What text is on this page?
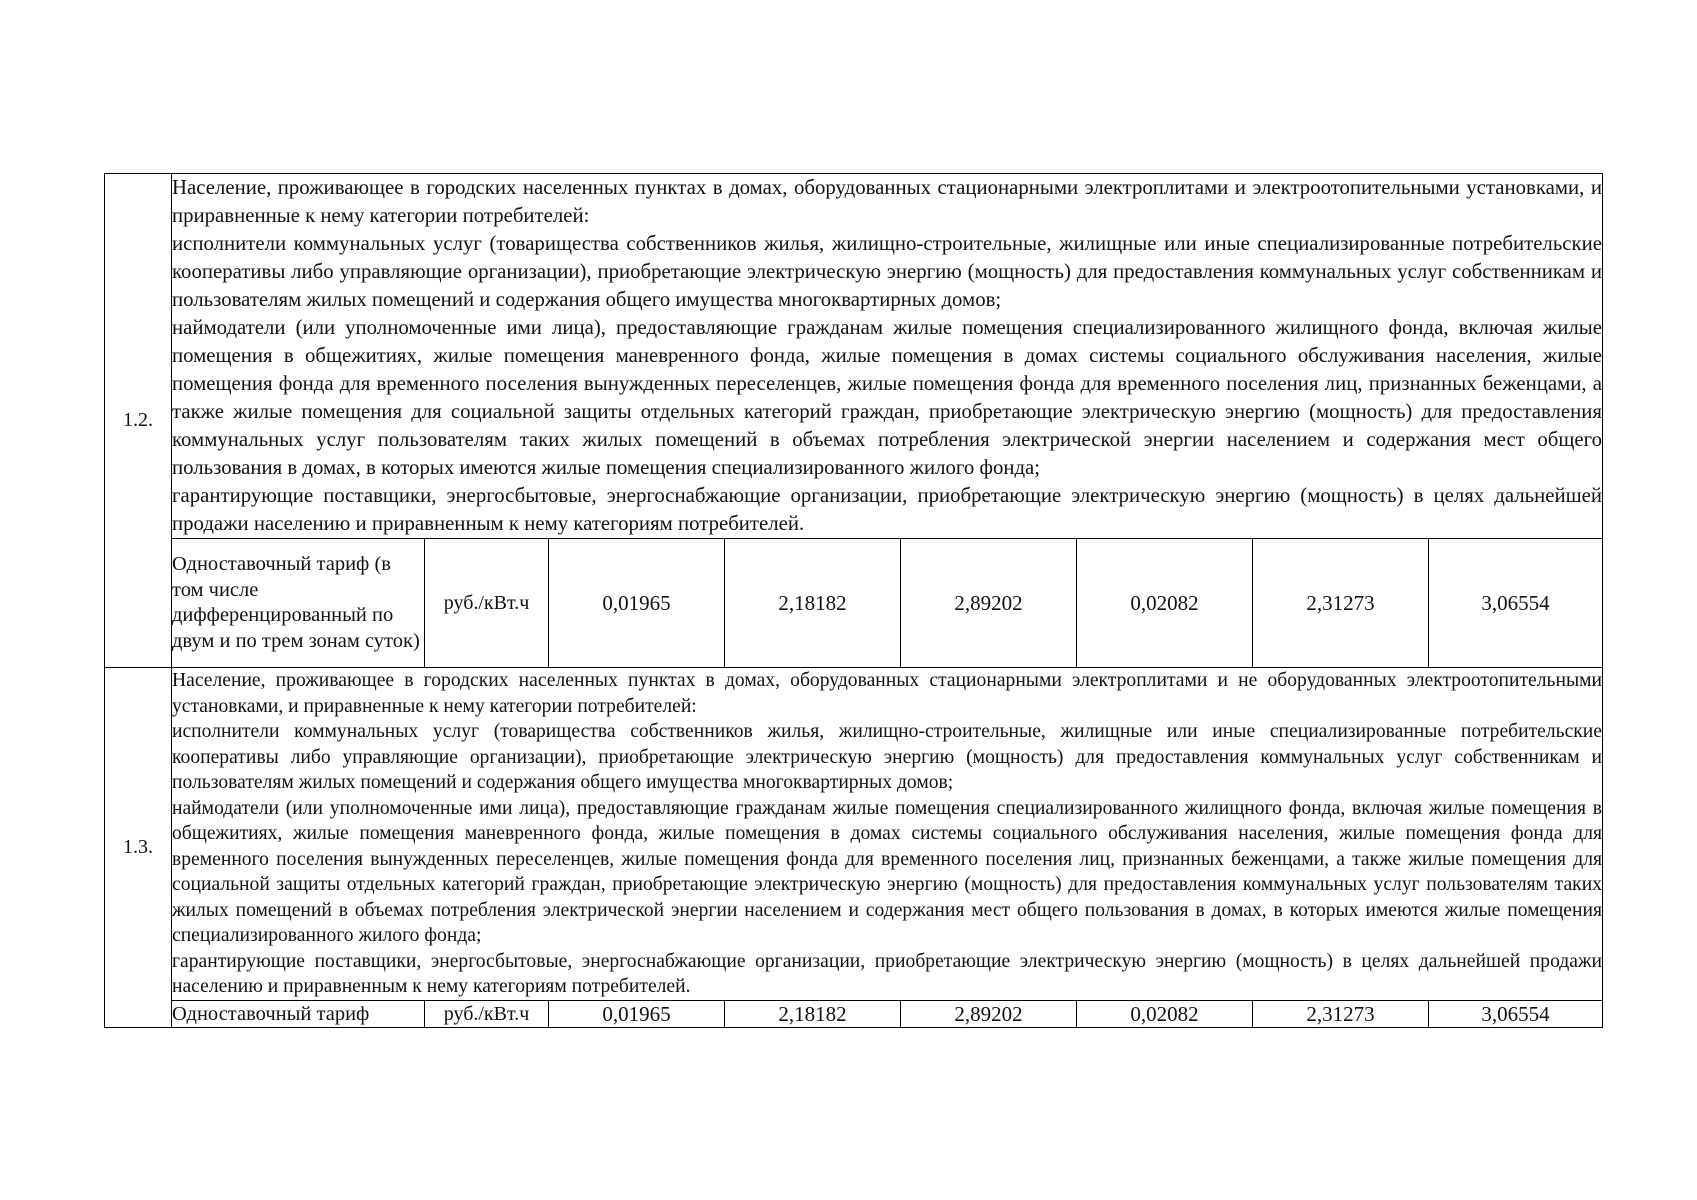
1.2.	Население, проживающее в городских населенных пунктах в домах, оборудованных стационарными электроплитами и электроотопительными установками, и приравненные к нему категории потребителей:

исполнители коммунальных услуг (товарищества собственников жилья, жилищно-строительные, жилищные или иные специализированные потребительские кооперативы либо управляющие организации), приобретающие электрическую энергию (мощность) для предоставления коммунальных услуг собственникам и пользователям жилых помещений и содержания общего имущества многоквартирных домов;

наймодатели (или уполномоченные ими лица), предоставляющие гражданам жилые помещения специализированного жилищного фонда, включая жилые помещения в общежитиях, жилые помещения маневренного фонда, жилые помещения в домах системы социального обслуживания населения, жилые помещения фонда для временного поселения вынужденных переселенцев, жилые помещения фонда для временного поселения лиц, признанных беженцами, а также жилые помещения для социальной защиты отдельных категорий граждан, приобретающие электрическую энергию (мощность) для предоставления коммунальных услуг пользователям таких жилых помещений в объемах потребления электрической энергии населением и содержания мест общего пользования в домах, в которых имеются жилые помещения специализированного жилого фонда;

гарантирующие поставщики, энергосбытовые, энергоснабжающие организации, приобретающие электрическую энергию (мощность) в целях дальнейшей продажи населению и приравненным к нему категориям потребителей.							

	Одноставочный тариф (в том числе дифференцированный по двум и по трем зонам суток)	руб./кВт.ч	0,01965	2,18182	2,89202	0,02082	2,31273	3,06554
1.3.	Население, проживающее в городских населенных пунктах в домах, оборудованных стационарными электроплитами и не оборудованных электроотопительными установками, и приравненные к нему категории потребителей:

исполнители коммунальных услуг (товарищества собственников жилья, жилищно-строительные, жилищные или иные специализированные потребительские кооперативы либо управляющие организации), приобретающие электрическую энергию (мощность) для предоставления коммунальных услуг собственникам и пользователям жилых помещений и содержания общего имущества многоквартирных домов;

наймодатели (или уполномоченные ими лица), предоставляющие гражданам жилые помещения специализированного жилищного фонда, включая жилые помещения в общежитиях, жилые помещения маневренного фонда, жилые помещения в домах системы социального обслуживания населения, жилые помещения фонда для временного поселения вынужденных переселенцев, жилые помещения фонда для временного поселения лиц, признанных беженцами, а также жилые помещения для социальной защиты отдельных категорий граждан, приобретающие электрическую энергию (мощность) для предоставления коммунальных услуг пользователям таких жилых помещений в объемах потребления электрической энергии населением и содержания мест общего пользования в домах, в которых имеются жилые помещения специализированного жилого фонда;

гарантирующие поставщики, энергосбытовые, энергоснабжающие организации, приобретающие электрическую энергию (мощность) в целях дальнейшей продажи населению и приравненным к нему категориям потребителей.							

	Одноставочный тариф	руб./кВт.ч	0,01965	2,18182	2,89202	0,02082	2,31273	3,06554
